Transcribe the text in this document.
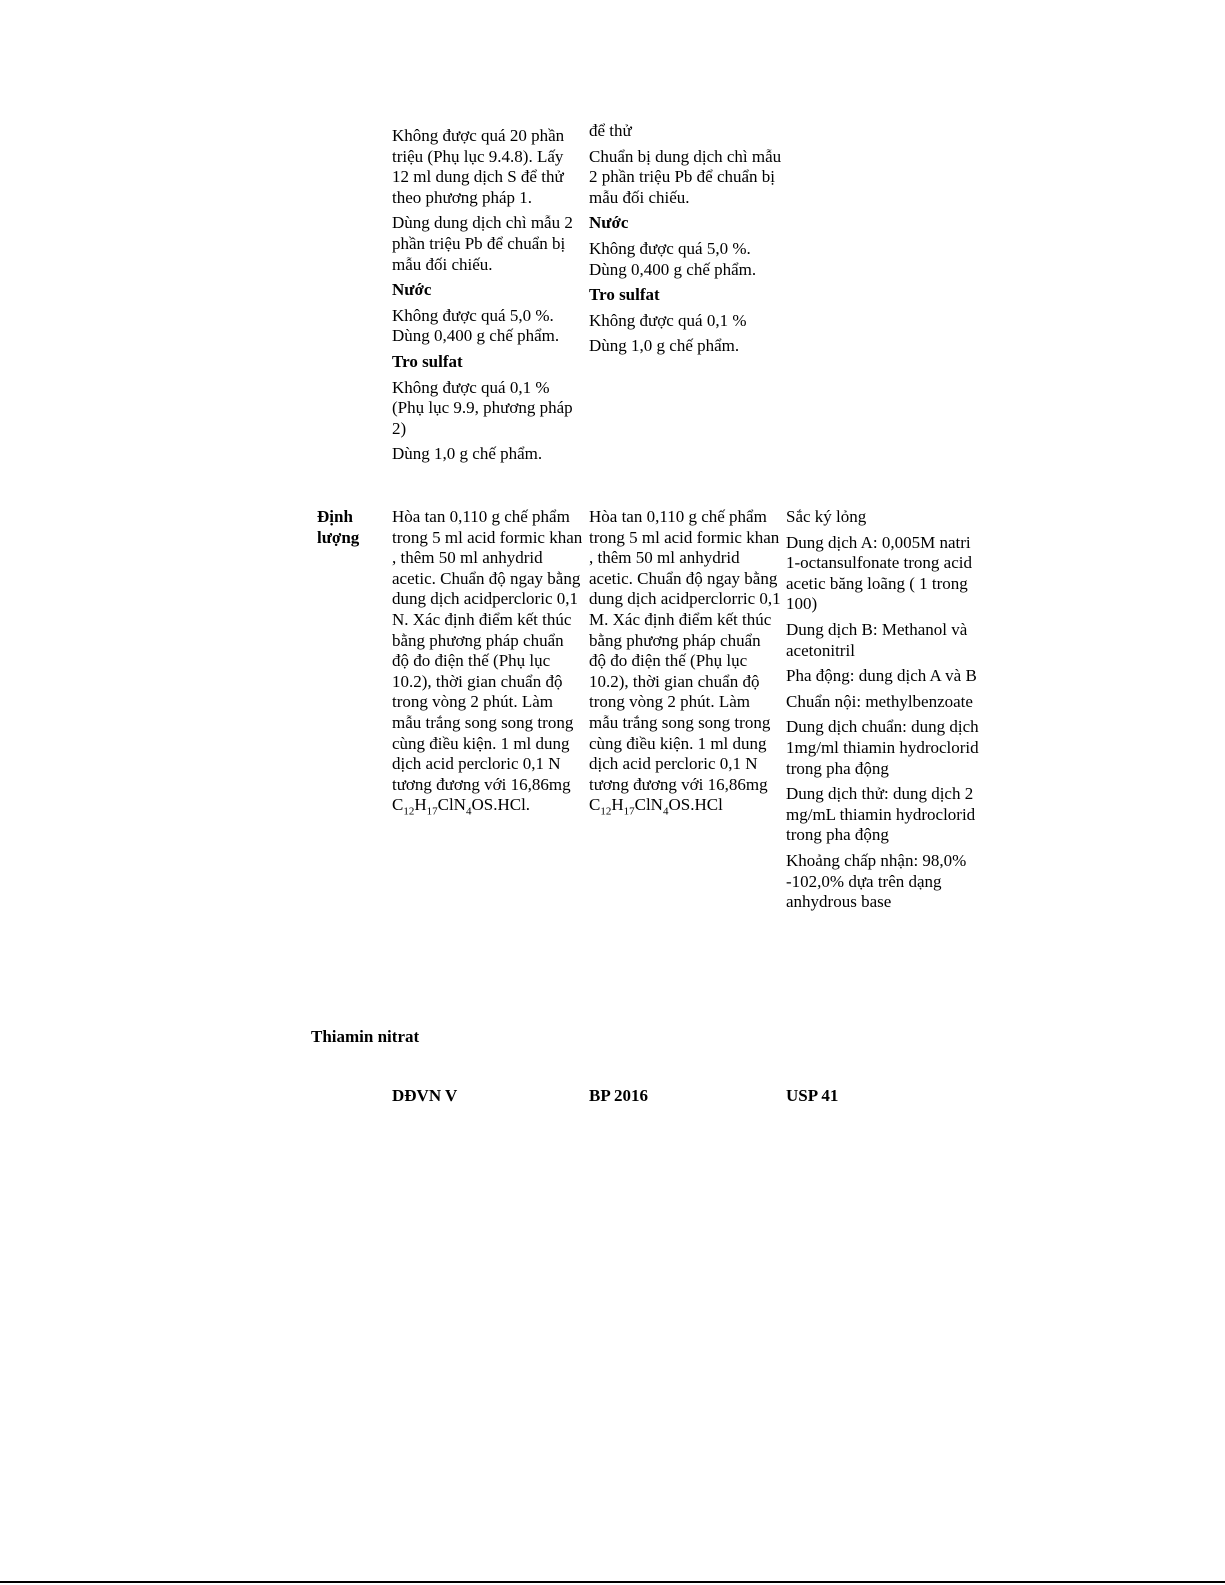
Không được quá 20 phần triệu (Phụ lục 9.4.8). Lấy 12 ml dung dịch S để thử theo phương pháp 1.

Dùng dung dịch chì mẫu 2 phần triệu Pb để chuẩn bị mẫu đối chiếu.

Nước

Không được quá 5,0 %. Dùng 0,400 g chế phẩm.

Tro sulfat

Không được quá 0,1 % (Phụ lục 9.9, phương pháp 2)

Dùng 1,0 g chế phẩm.

để thử

Chuẩn bị dung dịch chì mẫu 2 phần triệu Pb để chuẩn bị mẫu đối chiếu.

Nước

Không được quá 5,0 %. Dùng 0,400 g chế phẩm.

Tro sulfat

Không được quá 0,1 %

Dùng 1,0 g chế phẩm.

Định lượng
Hòa tan 0,110 g chế phẩm trong 5 ml acid formic khan , thêm 50 ml anhydrid acetic. Chuẩn độ ngay bằng dung dịch acidpercloric 0,1 N. Xác định điểm kết thúc bằng phương pháp chuẩn độ đo điện thế (Phụ lục 10.2), thời gian chuẩn độ trong vòng 2 phút. Làm mẫu trắng song song trong cùng điều kiện. 1 ml dung dịch acid percloric 0,1 N tương đương với 16,86mg
$C_{12}H_{17}ClN_4OS.HCl$.
Hòa tan 0,110 g chế phẩm trong 5 ml acid formic khan , thêm 50 ml anhydrid acetic. Chuẩn độ ngay bằng dung dịch acidperclorric 0,1 M. Xác định điểm kết thúc bằng phương pháp chuẩn độ đo điện thế (Phụ lục 10.2), thời gian chuẩn độ trong vòng 2 phút. Làm mẫu trắng song song trong cùng điều kiện. 1 ml dung dịch acid percloric 0,1 N tương đương với 16,86mg
$C_{12}H_{17}ClN_4OS.HCl$

Sắc ký lỏng

Dung dịch A: 0,005M natri 1-octansulfonate trong acid acetic băng loãng ( 1 trong 100)

Dung dịch B: Methanol và acetonitril

Pha động: dung dịch A và B

Chuẩn nội: methylbenzoate

Dung dịch chuẩn: dung dịch 1mg/ml thiamin hydroclorid trong pha động

Dung dịch thử: dung dịch 2 mg/mL thiamin hydroclorid trong pha động

Khoảng chấp nhận: 98,0% -102,0% dựa trên dạng anhydrous base

Thiamin nitrat
DĐVN V	BP 2016	USP 41
